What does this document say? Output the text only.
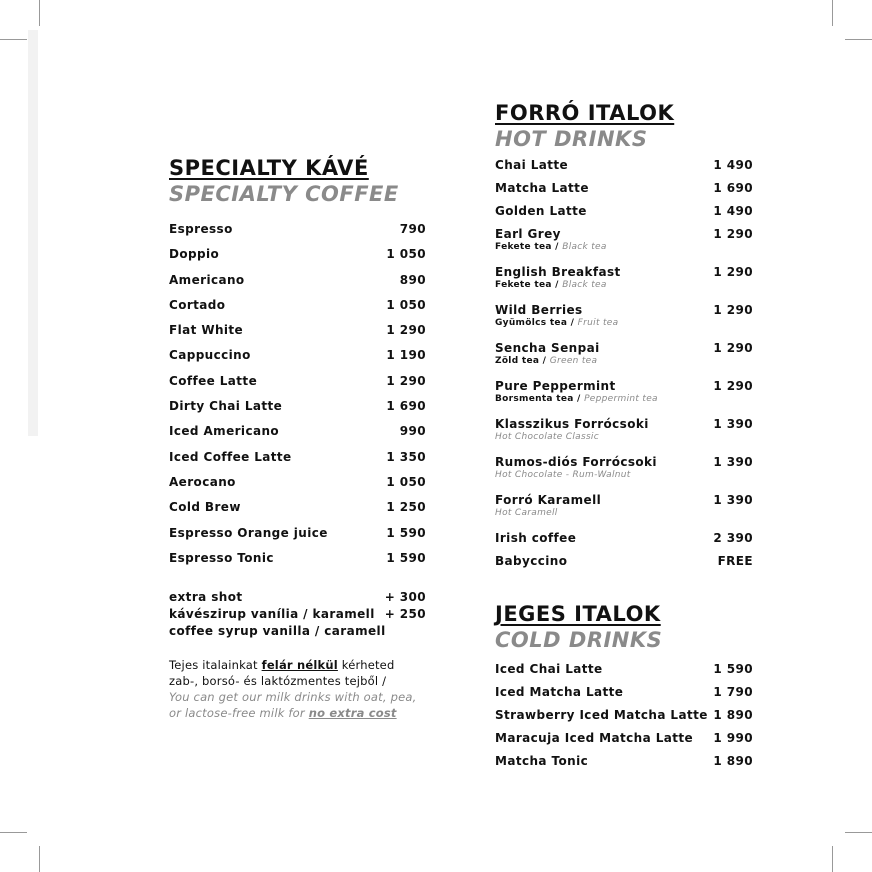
SPECIALTY KÁVÉ
SPECIALTY COFFEE
Espresso	790
Doppio	1 050
Americano	890
Cortado	1 050
Flat White	1 290
Cappuccino	1 190
Coffee Latte	1 290
Dirty Chai Latte	1 690
Iced Americano	990
Iced Coffee Latte	1 350
Aerocano	1 050
Cold Brew	1 250
Espresso Orange juice	1 590
Espresso Tonic	1 590
extra shot	+ 300
kávészirup vanília / karamell + 250
coffee syrup vanilla / caramell
Tejes italainkat felár nélkül kérheted zab-, borsó- és laktózmentes tejből /
You can get our milk drinks with oat, pea, or lactose-free milk for no extra cost
FORRÓ ITALOK
HOT DRINKS
Chai Latte	1 490
Matcha Latte	1 690
Golden Latte	1 490
Earl Grey	1 290
Fekete tea / Black tea
English Breakfast	1 290
Fekete tea / Black tea
Wild Berries	1 290
Gyümölcs tea / Fruit tea
Sencha Senpai	1 290
Zöld tea / Green tea
Pure Peppermint	1 290
Borsmenta tea / Peppermint tea
Klasszikus Forrócsoki	1 390
Hot Chocolate Classic
Rumos-diós Forrócsoki	1 390
Hot Chocolate - Rum-Walnut
Forró Karamell	1 390
Hot Caramell
Irish coffee	2 390
Babyccino	FREE
JEGES ITALOK
COLD DRINKS
Iced Chai Latte	1 590
Iced Matcha Latte	1 790
Strawberry Iced Matcha Latte 1 890
Maracuja Iced Matcha Latte	1 990
Matcha Tonic	1 890
